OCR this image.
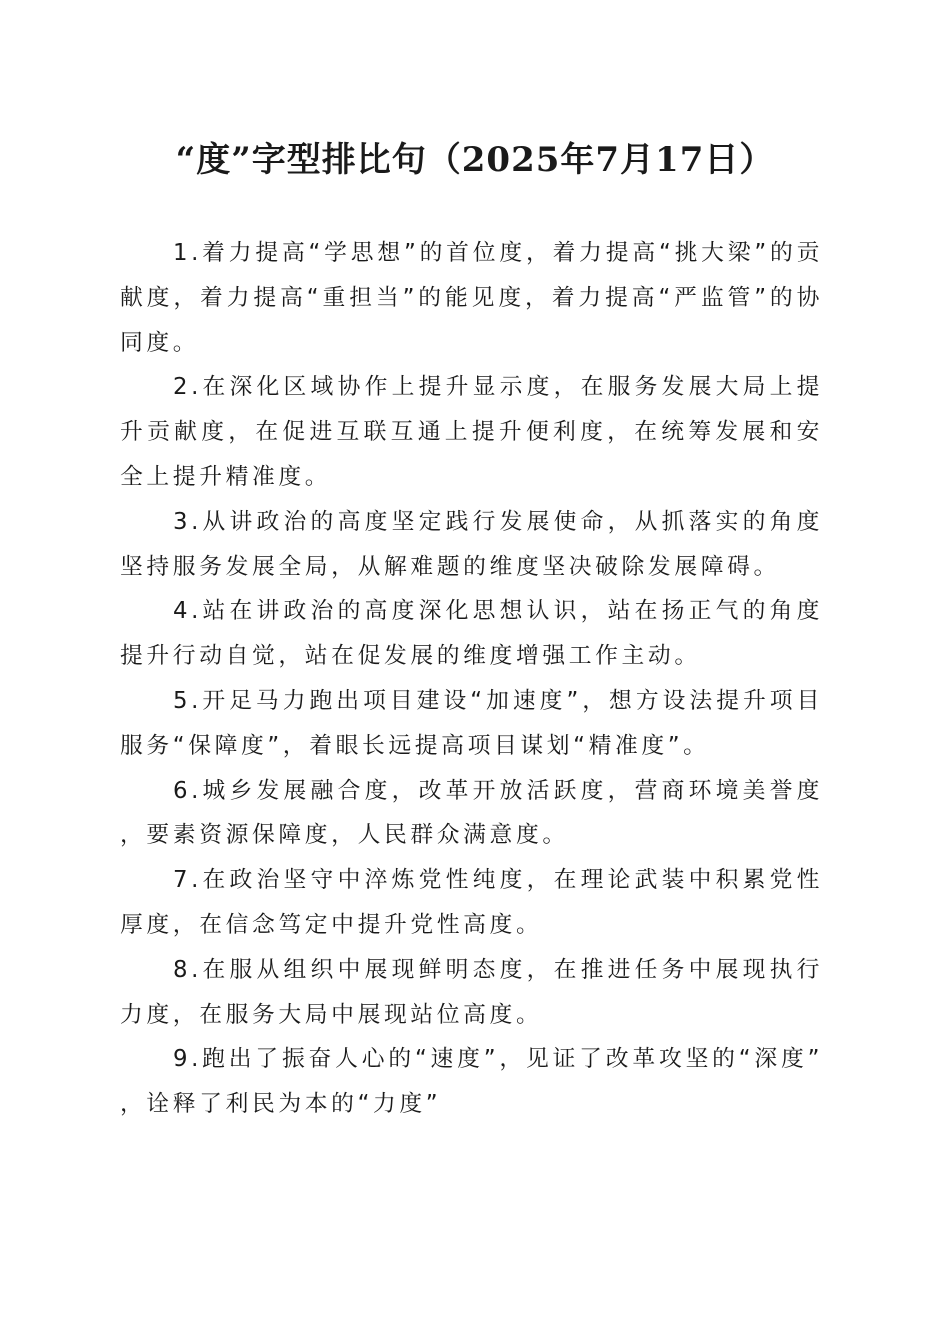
“度”字型排比句（2025年7月17日）

1.着力提高“学思想”的首位度，着力提高“挑大梁”的贡献度，着力提高“重担当”的能见度，着力提高“严监管”的协同度。

2.在深化区域协作上提升显示度，在服务发展大局上提升贡献度，在促进互联互通上提升便利度，在统筹发展和安全上提升精准度。

3.从讲政治的高度坚定践行发展使命，从抓落实的角度坚持服务发展全局，从解难题的维度坚决破除发展障碍。

4.站在讲政治的高度深化思想认识，站在扬正气的角度提升行动自觉，站在促发展的维度增强工作主动。

5.开足马力跑出项目建设“加速度”，想方设法提升项目服务“保障度”，着眼长远提高项目谋划“精准度”。

6.城乡发展融合度，改革开放活跃度，营商环境美誉度，要素资源保障度，人民群众满意度。

7.在政治坚守中淬炼党性纯度，在理论武装中积累党性厚度，在信念笃定中提升党性高度。

8.在服从组织中展现鲜明态度，在推进任务中展现执行力度，在服务大局中展现站位高度。

9.跑出了振奋人心的“速度”，见证了改革攻坚的“深度”，诠释了利民为本的“力度”
